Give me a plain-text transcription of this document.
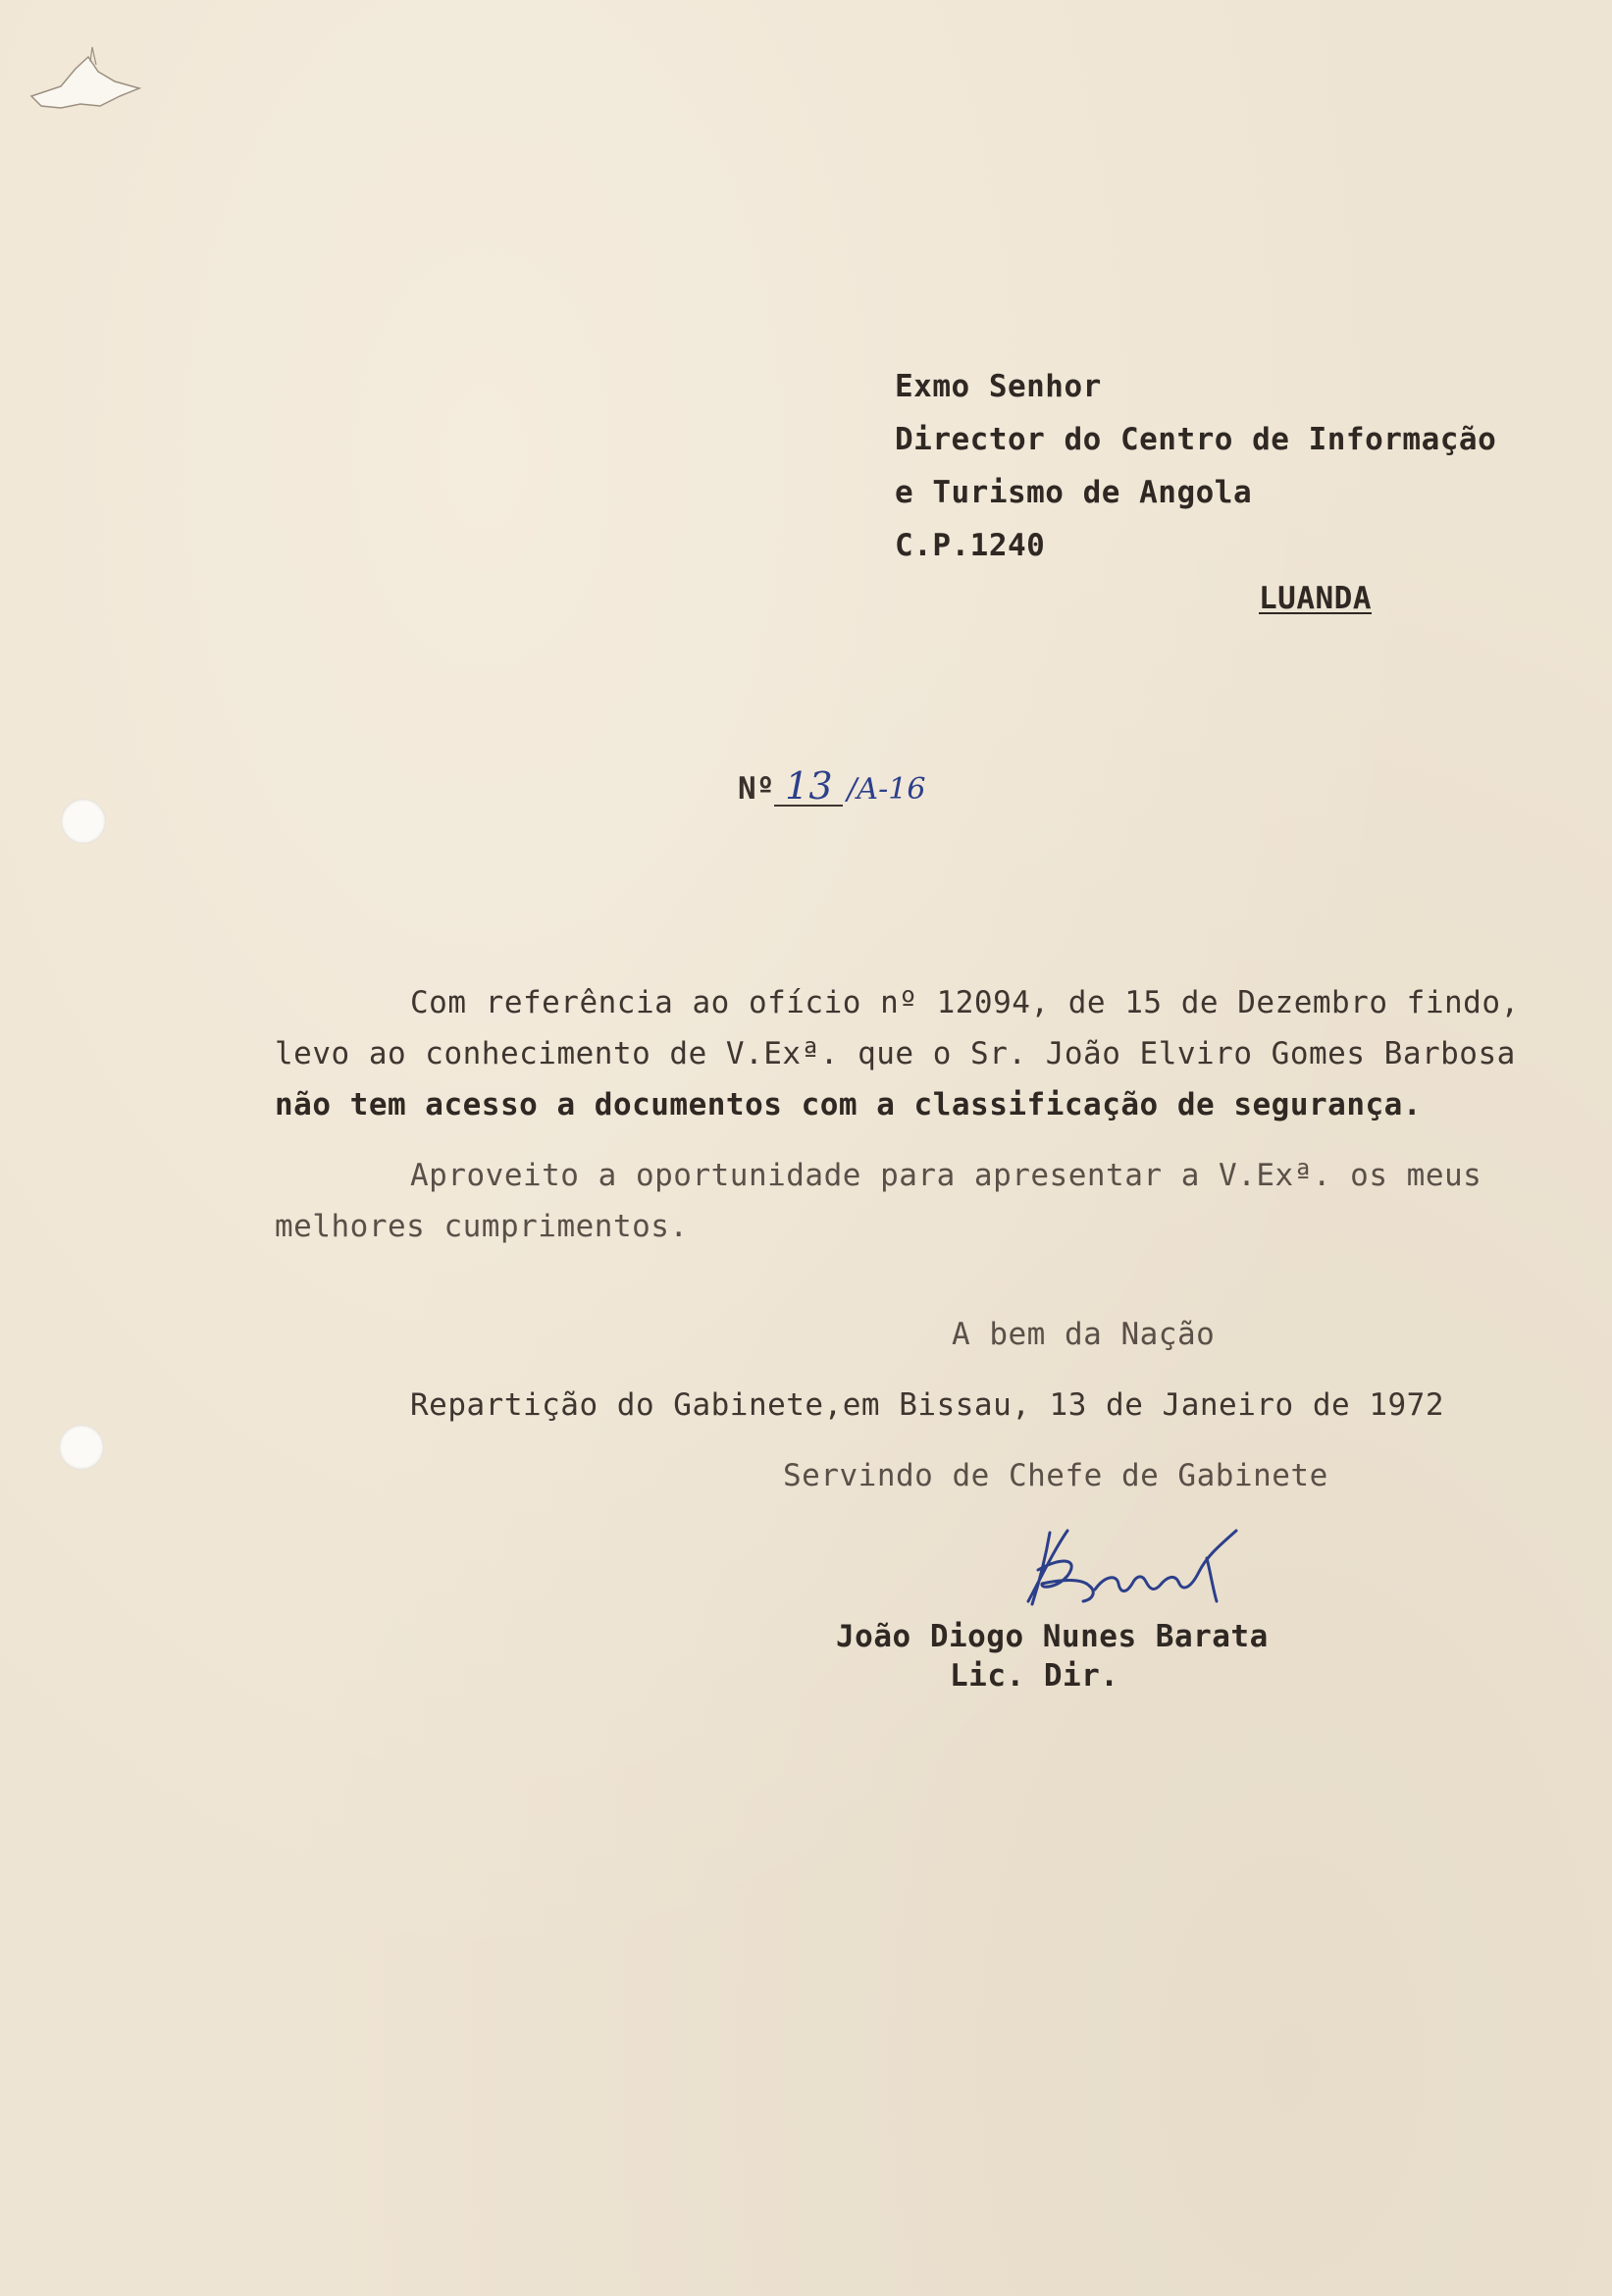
Exmo Senhor
Director do Centro de Informação
e Turismo de Angola
C.P.1240
LUANDA
Nº 13 /A-16
Com referência ao ofício nº 12094, de 15 de Dezembro findo,
levo ao conhecimento de V.Exª. que o Sr. João Elviro Gomes Barbosa
não tem acesso a documentos com a classificação de segurança.
Aproveito a oportunidade para apresentar a V.Exª. os meus
melhores cumprimentos.
A bem da Nação
Repartição do Gabinete,em Bissau, 13 de Janeiro de 1972
Servindo de Chefe de Gabinete
João Diogo Nunes Barata
Lic. Dir.
